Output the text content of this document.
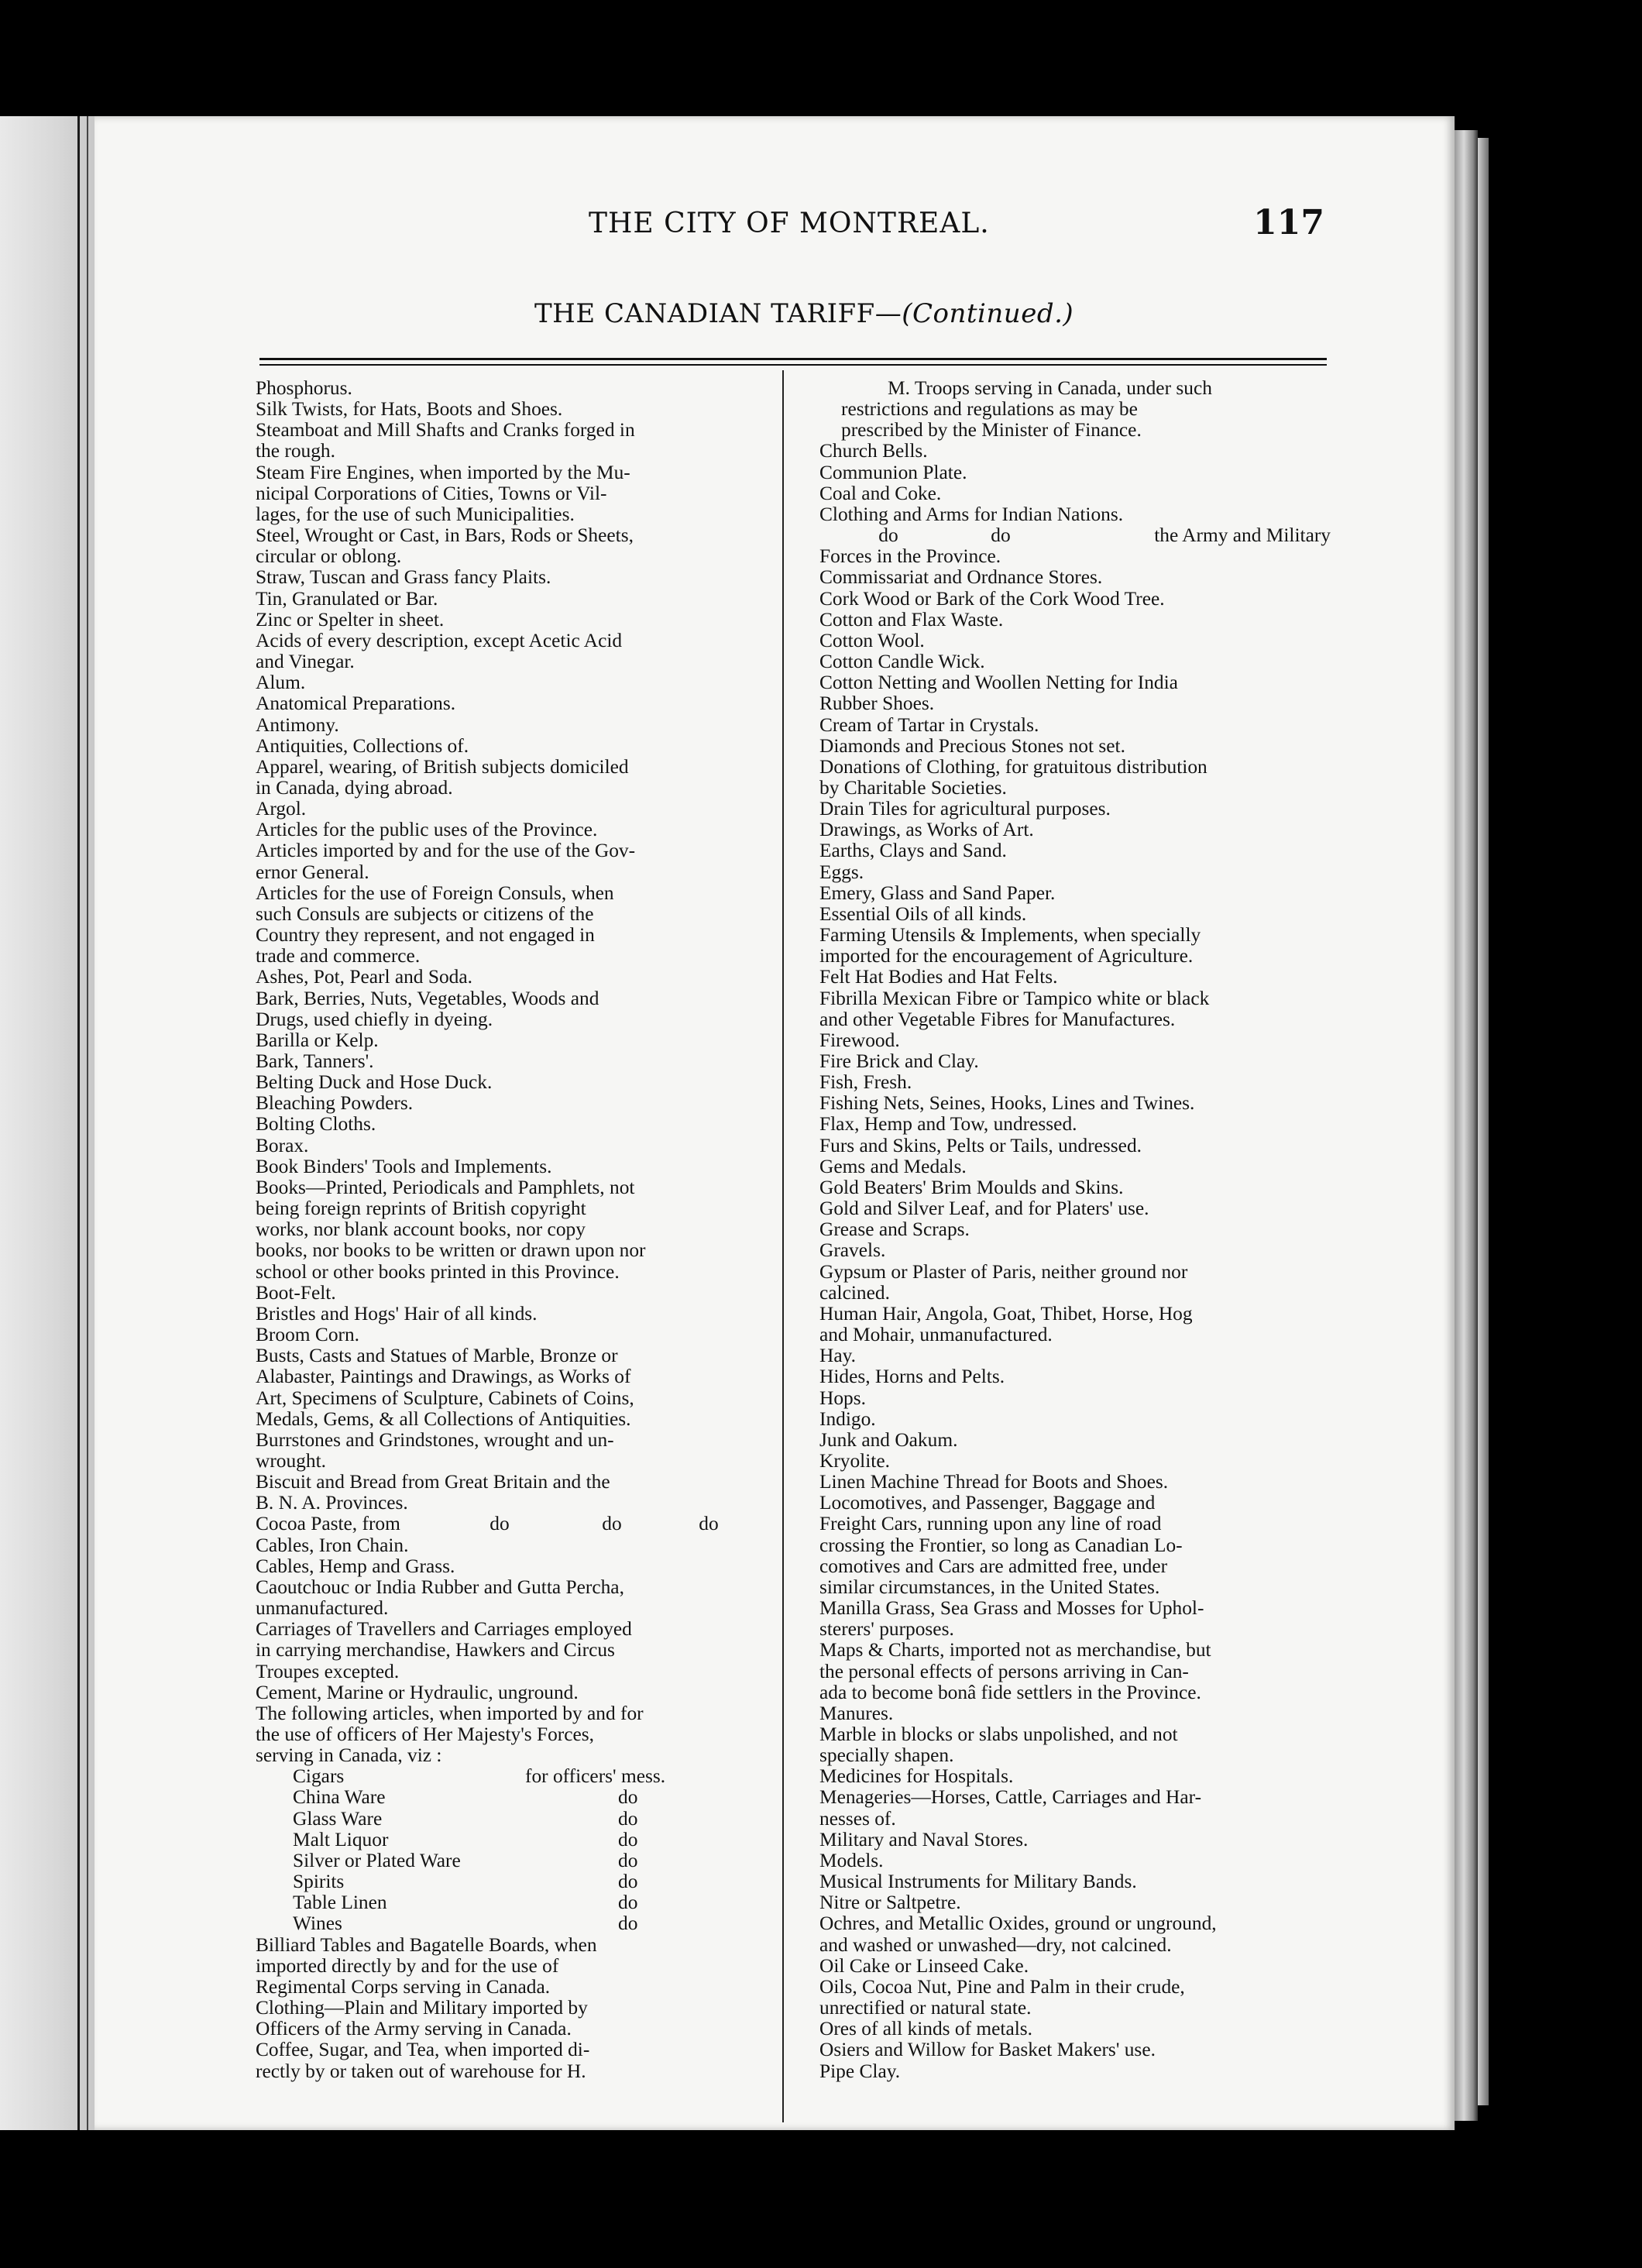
THE CITY OF MONTREAL.	117
THE CANADIAN TARIFF—(Continued.)
Phosphorus.
Silk Twists, for Hats, Boots and Shoes.
Steamboat and Mill Shafts and Cranks forged in
the rough.
Steam Fire Engines, when imported by the Mu-
nicipal Corporations of Cities, Towns or Vil-
lages, for the use of such Municipalities.
Steel, Wrought or Cast, in Bars, Rods or Sheets,
circular or oblong.
Straw, Tuscan and Grass fancy Plaits.
Tin, Granulated or Bar.
Zinc or Spelter in sheet.
Acids of every description, except Acetic Acid
and Vinegar.
Alum.
Anatomical Preparations.
Antimony.
Antiquities, Collections of.
Apparel, wearing, of British subjects domiciled
in Canada, dying abroad.
Argol.
Articles for the public uses of the Province.
Articles imported by and for the use of the Gov-
ernor General.
Articles for the use of Foreign Consuls, when
such Consuls are subjects or citizens of the
Country they represent, and not engaged in
trade and commerce.
Ashes, Pot, Pearl and Soda.
Bark, Berries, Nuts, Vegetables, Woods and
Drugs, used chiefly in dyeing.
Barilla or Kelp.
Bark, Tanners'.
Belting Duck and Hose Duck.
Bleaching Powders.
Bolting Cloths.
Borax.
Book Binders' Tools and Implements.
Books—Printed, Periodicals and Pamphlets, not
being foreign reprints of British copyright
works, nor blank account books, nor copy
books, nor books to be written or drawn upon nor
school or other books printed in this Province.
Boot-Felt.
Bristles and Hogs' Hair of all kinds.
Broom Corn.
Busts, Casts and Statues of Marble, Bronze or
Alabaster, Paintings and Drawings, as Works of
Art, Specimens of Sculpture, Cabinets of Coins,
Medals, Gems, & all Collections of Antiquities.
Burrstones and Grindstones, wrought and un-
wrought.
Biscuit and Bread from Great Britain and the
B. N. A. Provinces.
Cocoa Paste, from	do	do	do
Cables, Iron Chain.
Cables, Hemp and Grass.
Caoutchouc or India Rubber and Gutta Percha,
unmanufactured.
Carriages of Travellers and Carriages employed
in carrying merchandise, Hawkers and Circus
Troupes excepted.
Cement, Marine or Hydraulic, unground.
The following articles, when imported by and for
the use of officers of Her Majesty's Forces,
serving in Canada, viz :
Cigars	for officers' mess.
China Ware	do
Glass Ware	do
Malt Liquor	do
Silver or Plated Ware	do
Spirits	do
Table Linen	do
Wines	do
Billiard Tables and Bagatelle Boards, when
imported directly by and for the use of
Regimental Corps serving in Canada.
Clothing—Plain and Military imported by
Officers of the Army serving in Canada.
Coffee, Sugar, and Tea, when imported di-
rectly by or taken out of warehouse for H.
M. Troops serving in Canada, under such
restrictions and regulations as may be
prescribed by the Minister of Finance.
Church Bells.
Communion Plate.
Coal and Coke.
Clothing and Arms for Indian Nations.
do	do	the Army and Military
Forces in the Province.
Commissariat and Ordnance Stores.
Cork Wood or Bark of the Cork Wood Tree.
Cotton and Flax Waste.
Cotton Wool.
Cotton Candle Wick.
Cotton Netting and Woollen Netting for India
Rubber Shoes.
Cream of Tartar in Crystals.
Diamonds and Precious Stones not set.
Donations of Clothing, for gratuitous distribution
by Charitable Societies.
Drain Tiles for agricultural purposes.
Drawings, as Works of Art.
Earths, Clays and Sand.
Eggs.
Emery, Glass and Sand Paper.
Essential Oils of all kinds.
Farming Utensils & Implements, when specially
imported for the encouragement of Agriculture.
Felt Hat Bodies and Hat Felts.
Fibrilla Mexican Fibre or Tampico white or black
and other Vegetable Fibres for Manufactures.
Firewood.
Fire Brick and Clay.
Fish, Fresh.
Fishing Nets, Seines, Hooks, Lines and Twines.
Flax, Hemp and Tow, undressed.
Furs and Skins, Pelts or Tails, undressed.
Gems and Medals.
Gold Beaters' Brim Moulds and Skins.
Gold and Silver Leaf, and for Platers' use.
Grease and Scraps.
Gravels.
Gypsum or Plaster of Paris, neither ground nor
calcined.
Human Hair, Angola, Goat, Thibet, Horse, Hog
and Mohair, unmanufactured.
Hay.
Hides, Horns and Pelts.
Hops.
Indigo.
Junk and Oakum.
Kryolite.
Linen Machine Thread for Boots and Shoes.
Locomotives, and Passenger, Baggage and
Freight Cars, running upon any line of road
crossing the Frontier, so long as Canadian Lo-
comotives and Cars are admitted free, under
similar circumstances, in the United States.
Manilla Grass, Sea Grass and Mosses for Uphol-
sterers' purposes.
Maps & Charts, imported not as merchandise, but
the personal effects of persons arriving in Can-
ada to become bonâ fide settlers in the Province.
Manures.
Marble in blocks or slabs unpolished, and not
specially shapen.
Medicines for Hospitals.
Menageries—Horses, Cattle, Carriages and Har-
nesses of.
Military and Naval Stores.
Models.
Musical Instruments for Military Bands.
Nitre or Saltpetre.
Ochres, and Metallic Oxides, ground or unground,
and washed or unwashed—dry, not calcined.
Oil Cake or Linseed Cake.
Oils, Cocoa Nut, Pine and Palm in their crude,
unrectified or natural state.
Ores of all kinds of metals.
Osiers and Willow for Basket Makers' use.
Pipe Clay.
